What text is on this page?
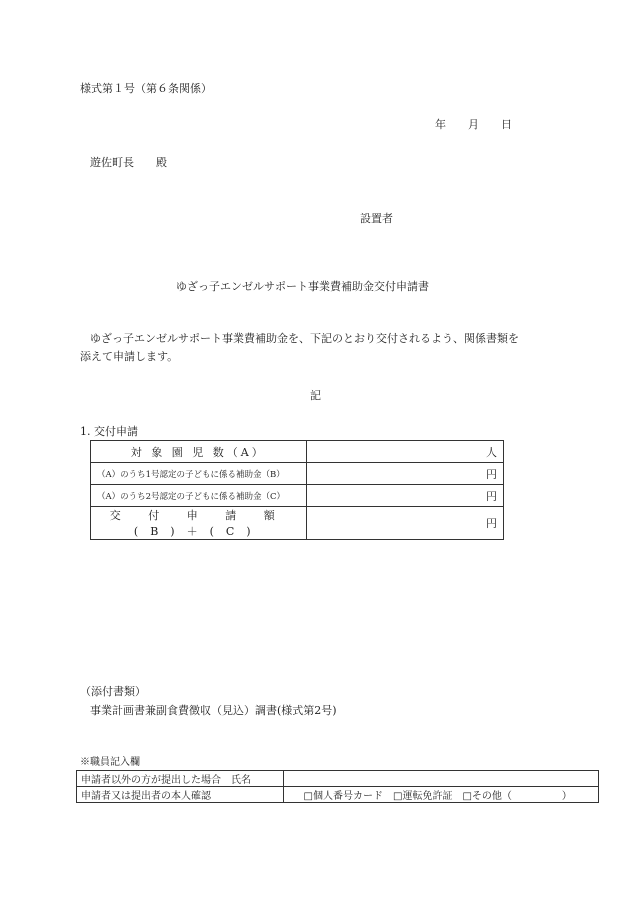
様式第１号（第６条関係）
年　　月　　日
遊佐町長　　殿
設置者
ゆざっ子エンゼルサポート事業費補助金交付申請書
ゆざっ子エンゼルサポート事業費補助金を、下記のとおり交付されるよう、関係書類を
添えて申請します。
記
1. 交付申請
対 象 園 児 数（A）	人
（A）のうち1号認定の子どもに係る補助金（B）	円
（A）のうち2号認定の子どもに係る補助金（C）	円
交 付 申 請 額 (B)＋(C)	円
（添付書類）
事業計画書兼副食費徴収（見込）調書(様式第2号)
※職員記入欄
申請者以外の方が提出した場合　氏名	
申請者又は提出者の本人確認	□個人番号カード　□運転免許証　□その他（　　　　　）
